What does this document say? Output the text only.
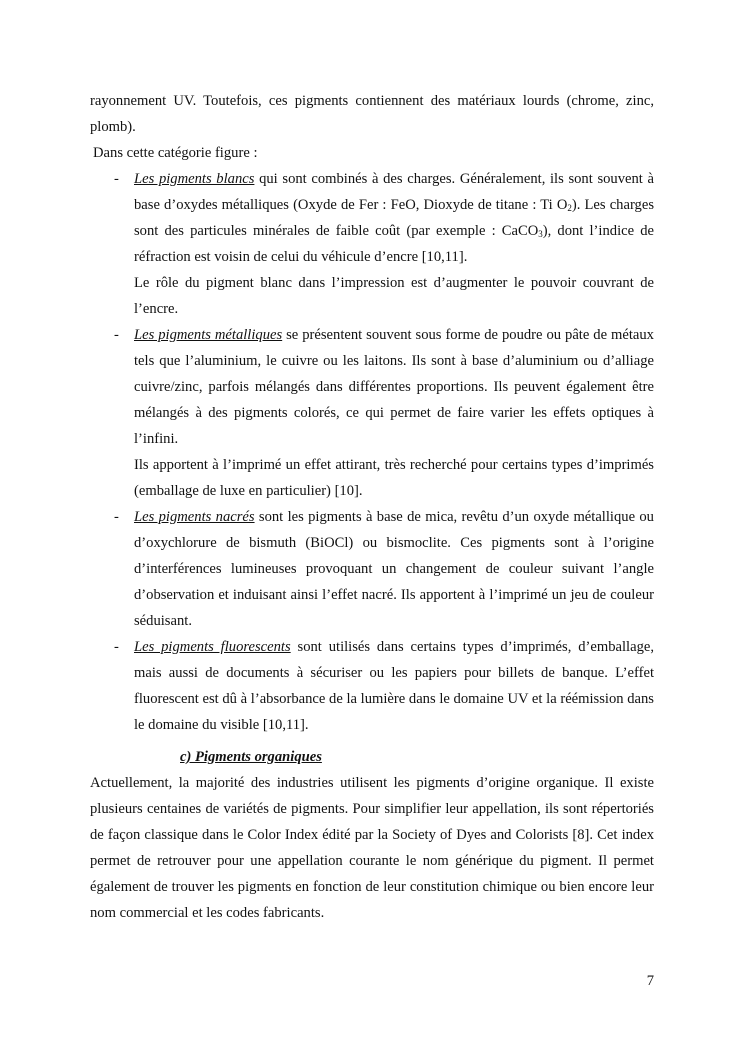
rayonnement UV. Toutefois, ces pigments contiennent des matériaux lourds (chrome, zinc, plomb).

Dans cette catégorie figure :

-	Les pigments blancs qui sont combinés à des charges. Généralement, ils sont souvent à base d’oxydes métalliques (Oxyde de Fer : FeO, Dioxyde de titane : Ti $O_2$). Les charges sont des particules minérales de faible coût (par exemple : CaCO$_3$), dont l’indice de réfraction est voisin de celui du véhicule d’encre [10,11].

Le rôle du pigment blanc dans l’impression est d’augmenter le pouvoir couvrant de l’encre.

-	Les pigments métalliques se présentent souvent sous forme de poudre ou pâte de métaux tels que l’aluminium, le cuivre ou les laitons. Ils sont à base d’aluminium ou d’alliage cuivre/zinc, parfois mélangés dans différentes proportions. Ils peuvent également être mélangés à des pigments colorés, ce qui permet de faire varier les effets optiques à l’infini.

Ils apportent à l’imprimé un effet attirant, très recherché pour certains types d’imprimés (emballage de luxe en particulier) [10].

-	Les pigments nacrés sont les pigments à base de mica, revêtu d’un oxyde métallique ou d’oxychlorure de bismuth (BiOCl) ou bismoclite. Ces pigments sont à l’origine d’interférences lumineuses provoquant un changement de couleur suivant l’angle d’observation et induisant ainsi l’effet nacré. Ils apportent à l’imprimé un jeu de couleur séduisant.

-	Les pigments fluorescents sont utilisés dans certains types d’imprimés, d’emballage, mais aussi de documents à sécuriser ou les papiers pour billets de banque. L’effet fluorescent est dû à l’absorbance de la lumière dans le domaine UV et la réémission dans le domaine du visible [10,11].

c) Pigments organiques

Actuellement, la majorité des industries utilisent les pigments d’origine organique. Il existe plusieurs centaines de variétés de pigments. Pour simplifier leur appellation, ils sont répertoriés de façon classique dans le Color Index édité par la Society of Dyes and Colorists [8]. Cet index permet de retrouver pour une appellation courante le nom générique du pigment. Il permet également de trouver les pigments en fonction de leur constitution chimique ou bien encore leur nom commercial et les codes fabricants.

7
